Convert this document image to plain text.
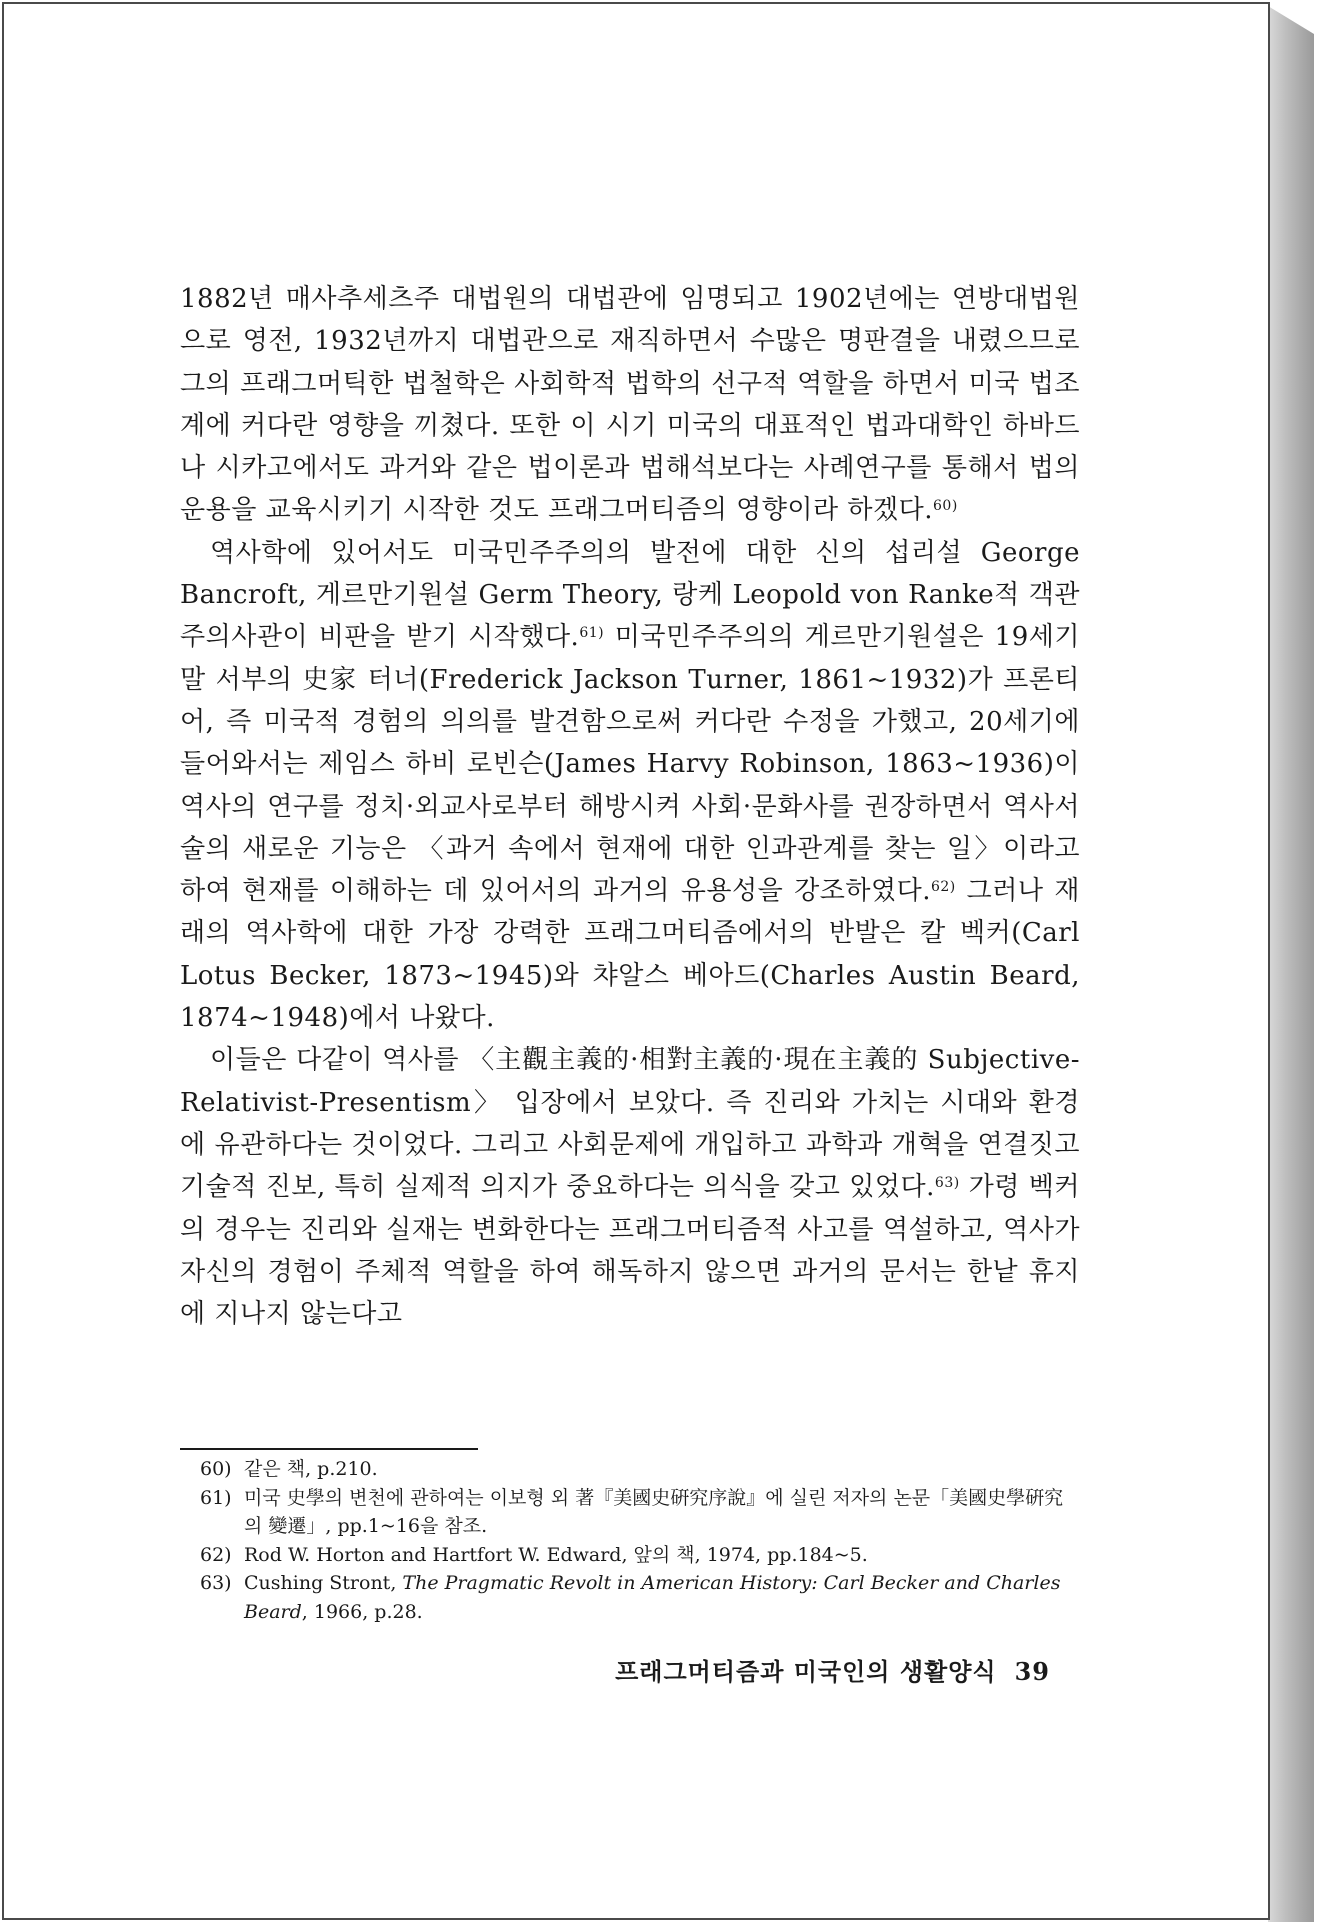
1882년 매사추세츠주 대법원의 대법관에 임명되고 1902년에는 연방대법원으로 영전, 1932년까지 대법관으로 재직하면서 수많은 명판결을 내렸으므로 그의 프래그머틱한 법철학은 사회학적 법학의 선구적 역할을 하면서 미국 법조계에 커다란 영향을 끼쳤다. 또한 이 시기 미국의 대표적인 법과대학인 하바드나 시카고에서도 과거와 같은 법이론과 법해석보다는 사례연구를 통해서 법의 운용을 교육시키기 시작한 것도 프래그머티즘의 영향이라 하겠다.$^{60)}$

역사학에 있어서도 미국민주주의의 발전에 대한 신의 섭리설 George Bancroft, 게르만기원설 Germ Theory, 랑케 Leopold von Ranke적 객관주의사관이 비판을 받기 시작했다.$^{61)}$ 미국민주주의의 게르만기원설은 19세기 말 서부의 史家 터너(Frederick Jackson Turner, 1861~1932)가 프론티어, 즉 미국적 경험의 의의를 발견함으로써 커다란 수정을 가했고, 20세기에 들어와서는 제임스 하비 로빈슨(James Harvy Robinson, 1863~1936)이 역사의 연구를 정치·외교사로부터 해방시켜 사회·문화사를 권장하면서 역사서술의 새로운 기능은 〈과거 속에서 현재에 대한 인과관계를 찾는 일〉이라고 하여 현재를 이해하는 데 있어서의 과거의 유용성을 강조하였다.$^{62)}$ 그러나 재래의 역사학에 대한 가장 강력한 프래그머티즘에서의 반발은 칼 벡커(Carl Lotus Becker, 1873~1945)와 챠알스 베아드(Charles Austin Beard, 1874~1948)에서 나왔다.

이들은 다같이 역사를 〈主觀主義的·相對主義的·現在主義的 Subjective-Relativist-Presentism〉 입장에서 보았다. 즉 진리와 가치는 시대와 환경에 유관하다는 것이었다. 그리고 사회문제에 개입하고 과학과 개혁을 연결짓고 기술적 진보, 특히 실제적 의지가 중요하다는 의식을 갖고 있었다.$^{63)}$ 가령 벡커의 경우는 진리와 실재는 변화한다는 프래그머티즘적 사고를 역설하고, 역사가 자신의 경험이 주체적 역할을 하여 해독하지 않으면 과거의 문서는 한낱 휴지에 지나지 않는다고

60) 같은 책, p.210.
61) 미국 史學의 변천에 관하여는 이보형 외 著『美國史硏究序說』에 실린 저자의 논문「美國史學硏究의 變遷」, pp.1~16을 참조.
62) Rod W. Horton and Hartfort W. Edward, 앞의 책, 1974, pp.184~5.
63) Cushing Stront, The Pragmatic Revolt in American History: Carl Becker and Charles Beard, 1966, p.28.
프래그머티즘과 미국인의 생활양식 39
